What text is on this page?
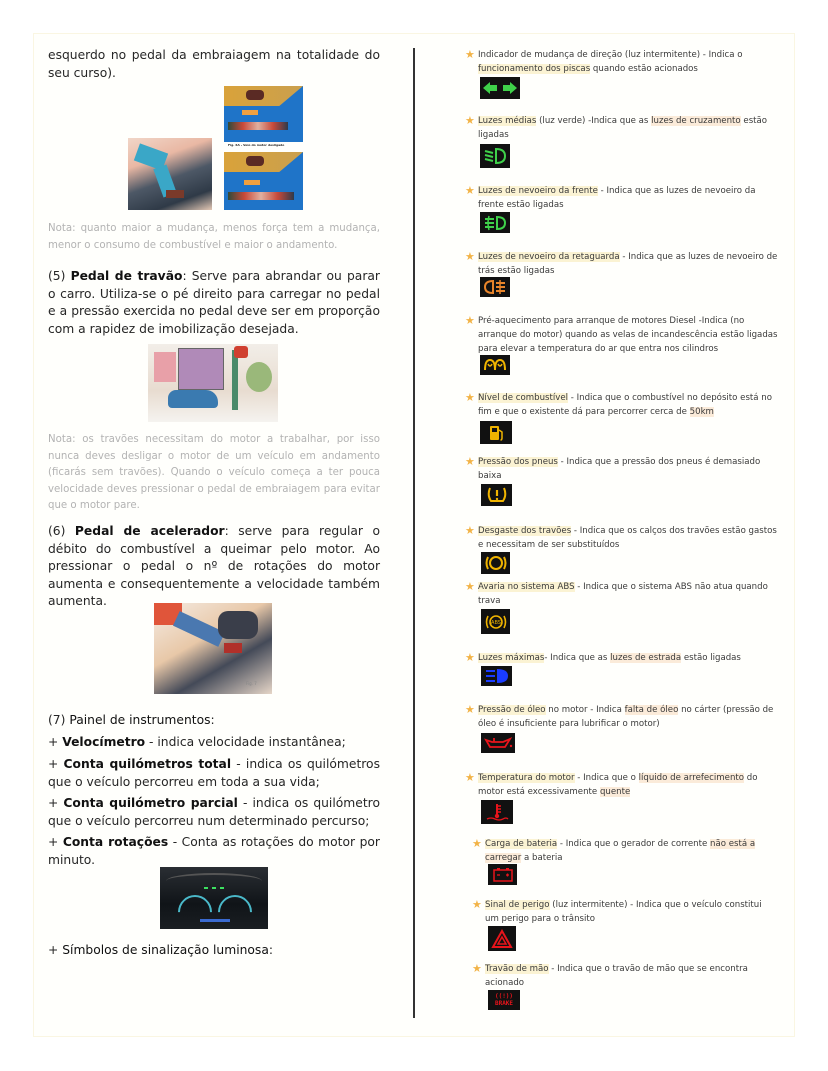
esquerdo no pedal da embraiagem na totalidade do seu curso).

Fig. 6A - Veio do motor desligado

Nota: quanto maior a mudança, menos força tem a mudança, menor o consumo de combustível e maior o andamento.

(5) Pedal de travão: Serve para abrandar ou parar o carro. Utiliza-se o pé direito para carregar no pedal e a pressão exercida no pedal deve ser em proporção com a rapidez de imobilização desejada.

Nota: os travões necessitam do motor a trabalhar, por isso nunca deves desligar o motor de um veículo em andamento (ficarás sem travões). Quando o veículo começa a ter pouca velocidade deves pressionar o pedal de embraiagem para evitar que o motor pare.

(6) Pedal de acelerador: serve para regular o débito do combustível a queimar pelo motor. Ao pressionar o pedal o nº de rotações do motor aumenta e consequentemente a velocidade também aumenta.

Fig. 7

(7) Painel de instrumentos:

+ Velocímetro - indica velocidade instantânea;

+ Conta quilómetros total - indica os quilómetros que o veículo percorreu em toda a sua vida;

+ Conta quilómetro parcial - indica os quilómetro que o veículo percorreu num determinado percurso;

+ Conta rotações - Conta as rotações do motor por minuto.

+ Símbolos de sinalização luminosa:

★ Indicador de mudança de direção (luz intermitente) - Indica o funcionamento dos piscas quando estão acionados
★ Luzes médias (luz verde) -Indica que as luzes de cruzamento estão ligadas
★ Luzes de nevoeiro da frente - Indica que as luzes de nevoeiro da frente estão ligadas
★ Luzes de nevoeiro da retaguarda - Indica que as luzes de nevoeiro de trás estão ligadas
★ Pré-aquecimento para arranque de motores Diesel -Indica (no arranque do motor) quando as velas de incandescência estão ligadas para elevar a temperatura do ar que entra nos cilindros
★ Nível de combustível - Indica que o combustível no depósito está no fim e que o existente dá para percorrer cerca de 50km
★ Pressão dos pneus - Indica que a pressão dos pneus é demasiado baixa
★ Desgaste dos travões - Indica que os calços dos travões estão gastos e necessitam de ser substituídos
★ Avaria no sistema ABS - Indica que o sistema ABS não atua quando trava
ABS
★ Luzes máximas- Indica que as luzes de estrada estão ligadas
★ Pressão de óleo no motor - Indica falta de óleo no cárter (pressão de óleo é insuficiente para lubrificar o motor)
★ Temperatura do motor - Indica que o líquido de arrefecimento do motor está excessivamente quente
★ Carga de bateria - Indica que o gerador de corrente não está a carregar a bateria
★ Sinal de perigo (luz intermitente) - Indica que o veículo constitui um perigo para o trânsito
★ Travão de mão - Indica que o travão de mão que se encontra acionado
((!))
BRAKE
